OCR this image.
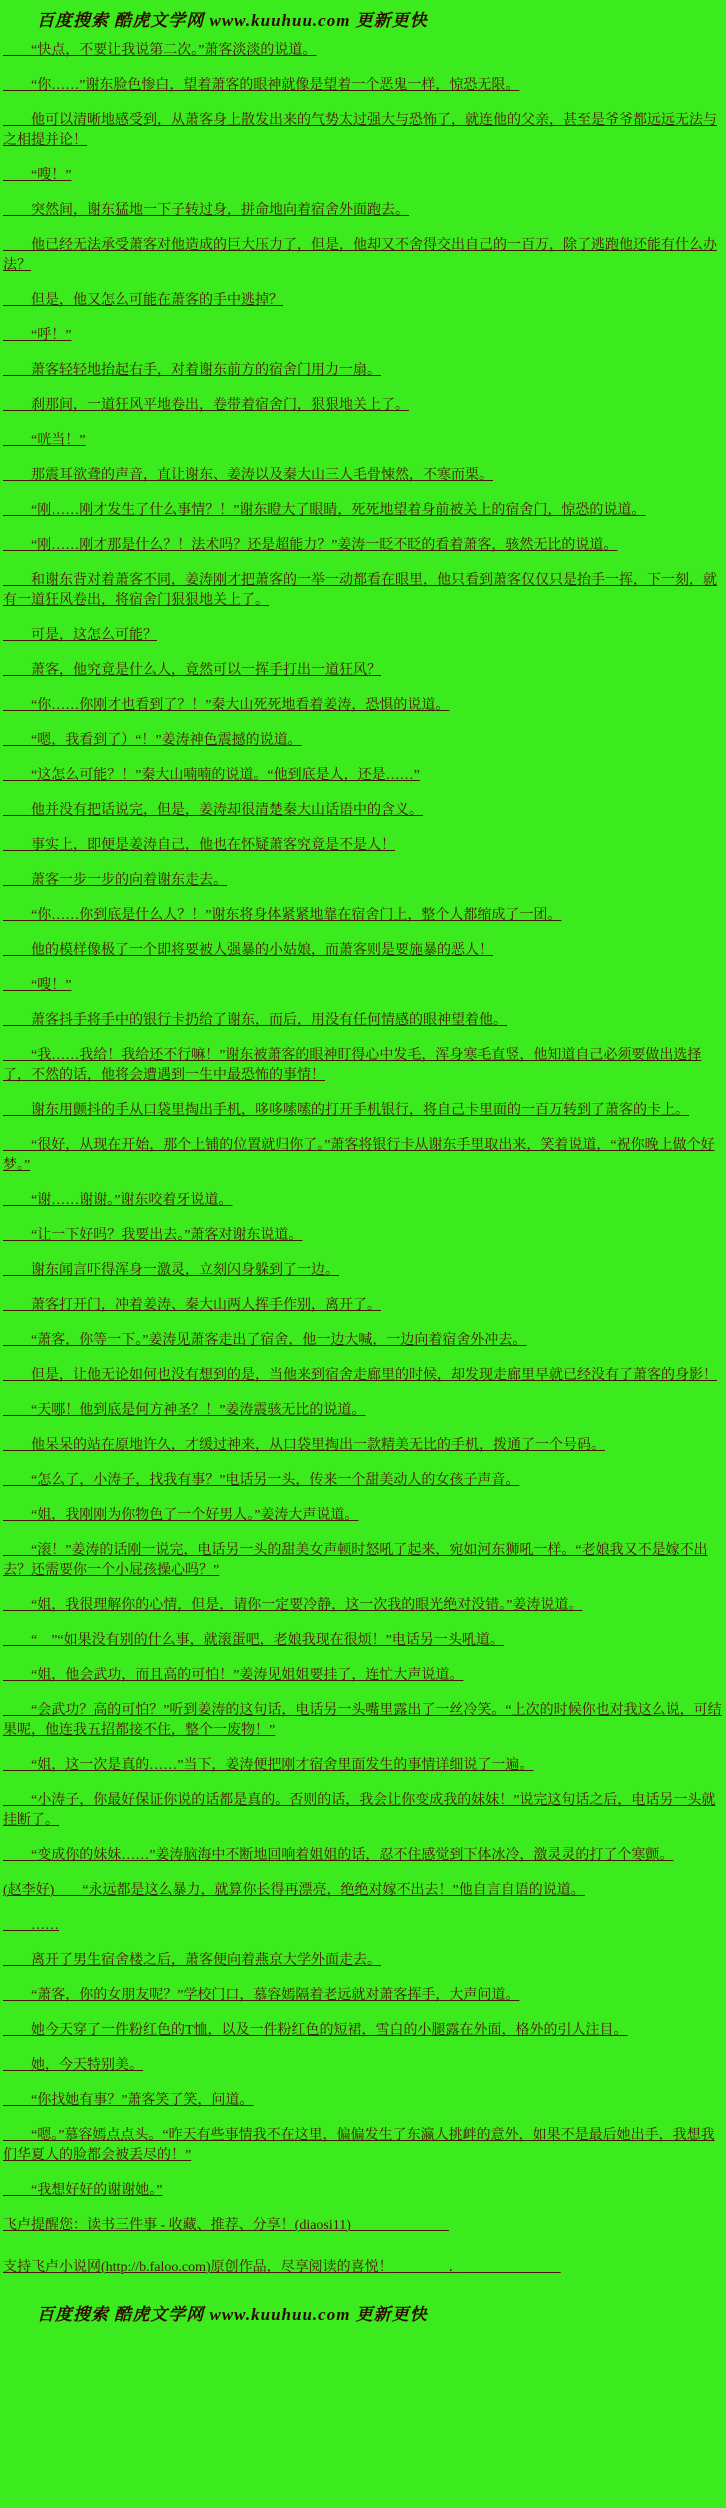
百度搜索 酷虎文学网 www.kuuhuu.com 更新更快

“快点，不要让我说第二次。”萧客淡淡的说道。

“你……”谢东脸色惨白，望着萧客的眼神就像是望着一个恶鬼一样，惊恐无限。

他可以清晰地感受到，从萧客身上散发出来的气势太过强大与恐怖了，就连他的父亲，甚至是爷爷都远远无法与之相提并论！

“嗖！”

突然间，谢东猛地一下子转过身，拼命地向着宿舍外面跑去。

他已经无法承受萧客对他造成的巨大压力了，但是，他却又不舍得交出自己的一百万，除了逃跑他还能有什么办法？

但是，他又怎么可能在萧客的手中逃掉？

“呼！”

萧客轻轻地抬起右手，对着谢东前方的宿舍门用力一扇。

刹那间，一道狂风平地卷出，卷带着宿舍门，狠狠地关上了。

“咣当！”

那震耳欲聋的声音，直让谢东、姜涛以及秦大山三人毛骨悚然，不寒而栗。

“刚……刚才发生了什么事情？！”谢东瞪大了眼睛，死死地望着身前被关上的宿舍门，惊恐的说道。

“刚……刚才那是什么？！法术吗？还是超能力？”姜涛一眨不眨的看着萧客，骇然无比的说道。

和谢东背对着萧客不同，姜涛刚才把萧客的一举一动都看在眼里，他只看到萧客仅仅只是抬手一挥，下一刻，就有一道狂风卷出，将宿舍门狠狠地关上了。

可是，这怎么可能？

萧客，他究竟是什么人，竟然可以一挥手打出一道狂风？

“你……你刚才也看到了？！”秦大山死死地看着姜涛，恐惧的说道。

“嗯，我看到了）“！”姜涛神色震撼的说道。

“这怎么可能？！”秦大山喃喃的说道。“他到底是人，还是……”

他并没有把话说完，但是，姜涛却很清楚秦大山话语中的含义。

事实上，即便是姜涛自己，他也在怀疑萧客究竟是不是人！

萧客一步一步的向着谢东走去。

“你……你到底是什么人？！”谢东将身体紧紧地靠在宿舍门上，整个人都缩成了一团。

他的模样像极了一个即将要被人强暴的小姑娘，而萧客则是要施暴的恶人！

“嗖！”

萧客抖手将手中的银行卡扔给了谢东，而后，用没有任何情感的眼神望着他。

“我……我给！我给还不行嘛！”谢东被萧客的眼神盯得心中发毛，浑身寒毛直竖，他知道自己必须要做出选择了，不然的话，他将会遭遇到一生中最恐怖的事情！

谢东用颤抖的手从口袋里掏出手机，哆哆嗦嗦的打开手机银行，将自己卡里面的一百万转到了萧客的卡上。

“很好，从现在开始，那个上铺的位置就归你了。”萧客将银行卡从谢东手里取出来，笑着说道，“祝你晚上做个好梦。”

“谢……谢谢。”谢东咬着牙说道。

“让一下好吗？我要出去。”萧客对谢东说道。

谢东闻言吓得浑身一激灵，立刻闪身躲到了一边。

萧客打开门，冲着姜涛、秦大山两人挥手作别，离开了。

“萧客，你等一下。”姜涛见萧客走出了宿舍，他一边大喊，一边向着宿舍外冲去。

但是，让他无论如何也没有想到的是，当他来到宿舍走廊里的时候，却发现走廊里早就已经没有了萧客的身影！

“天哪！他到底是何方神圣？！”姜涛震骇无比的说道。

他呆呆的站在原地许久，才缓过神来，从口袋里掏出一款精美无比的手机，拨通了一个号码。

“怎么了，小涛子，找我有事？”电话另一头，传来一个甜美动人的女孩子声音。

“姐，我刚刚为你物色了一个好男人。”姜涛大声说道。

“滚！”姜涛的话刚一说完，电话另一头的甜美女声顿时怒吼了起来，宛如河东狮吼一样。“老娘我又不是嫁不出去？还需要你一个小屁孩操心吗？”

“姐，我很理解你的心情，但是，请你一定要冷静，这一次我的眼光绝对没错。”姜涛说道。

“　”“如果没有别的什么事，就滚蛋吧，老娘我现在很烦！”电话另一头吼道。

“姐，他会武功，而且高的可怕！”姜涛见姐姐要挂了，连忙大声说道。

“会武功？高的可怕？”听到姜涛的这句话，电话另一头嘴里露出了一丝冷笑。“上次的时候你也对我这么说，可结果呢，他连我五招都接不住，整个一废物！”

“姐，这一次是真的……”当下，姜涛便把刚才宿舍里面发生的事情详细说了一遍。

“小涛子，你最好保证你说的话都是真的。否则的话，我会让你变成我的妹妹！”说完这句话之后，电话另一头就挂断了。

“变成你的妹妹……”姜涛脑海中不断地回响着姐姐的话，忍不住感觉到下体冰冷，激灵灵的打了个寒颤。

(赵李好)　　“永远都是这么暴力，就算你长得再漂亮，绝绝对嫁不出去！”他自言自语的说道。

……

离开了男生宿舍楼之后，萧客便向着燕京大学外面走去。

“萧客，你的女朋友呢？”学校门口，慕容嫣隔着老远就对萧客挥手，大声问道。

她今天穿了一件粉红色的T恤，以及一件粉红色的短裙，雪白的小腿露在外面，格外的引人注目。

她，今天特别美。

“你找她有事？”萧客笑了笑，问道。

“嗯。”慕容嫣点点头。“昨天有些事情我不在这里，偏偏发生了东瀛人挑衅的意外，如果不是最后她出手，我想我们华夏人的脸都会被丢尽的！”

“我想好好的谢谢她。”

飞卢提醒您：读书三件事 - 收藏、推荐、分享！(diaosi11)＿＿＿＿＿＿＿

支持飞卢小说网(http://b.faloo.com)原创作品，尽享阅读的喜悦！＿＿＿＿．＿＿＿＿＿＿＿

百度搜索 酷虎文学网 www.kuuhuu.com 更新更快
